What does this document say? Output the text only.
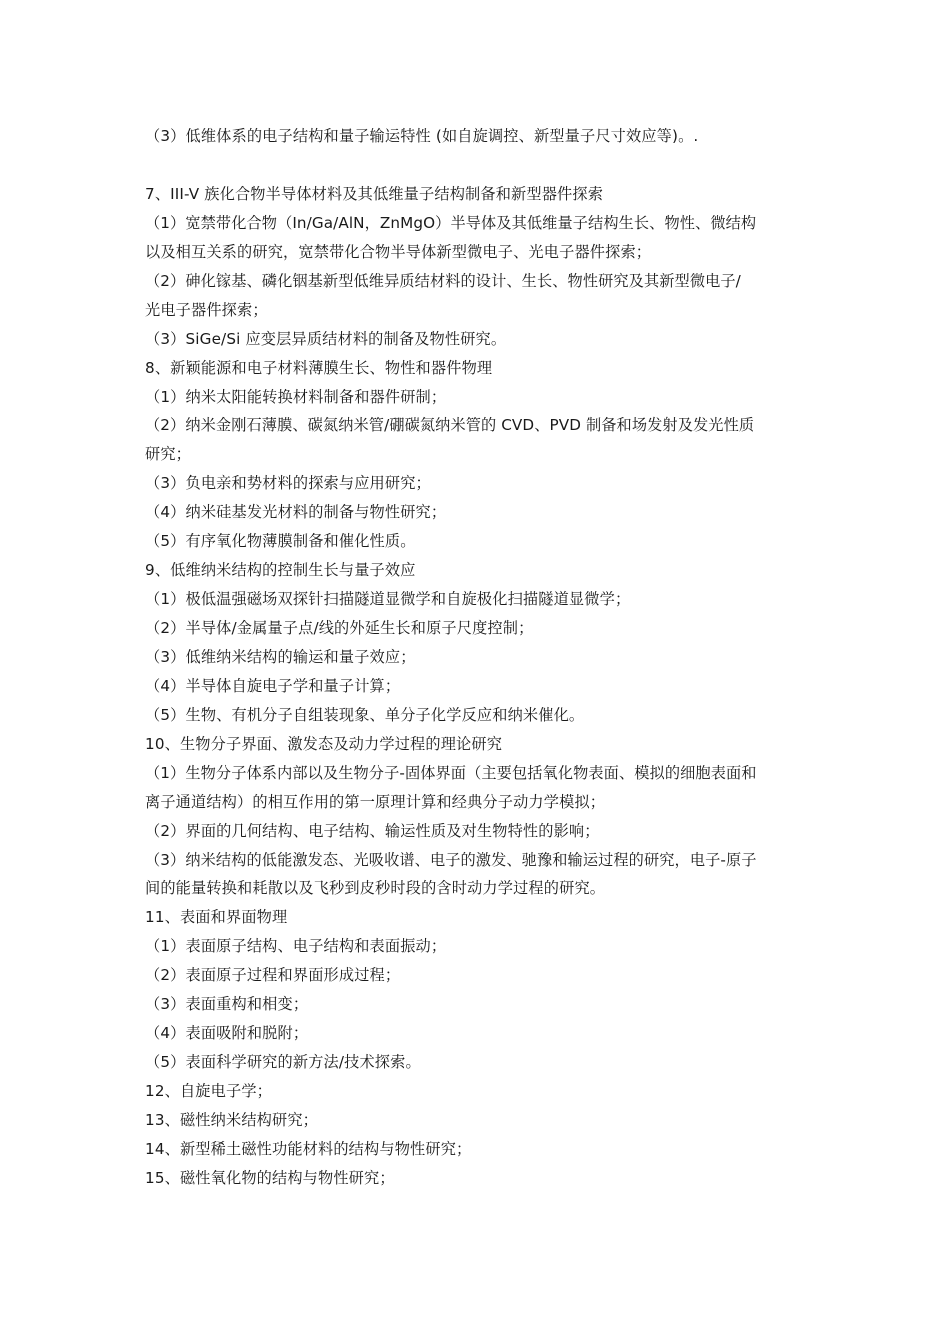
（3）低维体系的电子结构和量子输运特性 (如自旋调控、新型量子尺寸效应等)。.
7、III-V 族化合物半导体材料及其低维量子结构制备和新型器件探索
（1）宽禁带化合物（In/Ga/AlN，ZnMgO）半导体及其低维量子结构生长、物性、微结构
以及相互关系的研究，宽禁带化合物半导体新型微电子、光电子器件探索；
（2）砷化镓基、磷化铟基新型低维异质结材料的设计、生长、物性研究及其新型微电子/
光电子器件探索；
（3）SiGe/Si 应变层异质结材料的制备及物性研究。
8、新颖能源和电子材料薄膜生长、物性和器件物理
（1）纳米太阳能转换材料制备和器件研制；
（2）纳米金刚石薄膜、碳氮纳米管/硼碳氮纳米管的 CVD、PVD 制备和场发射及发光性质
研究；
（3）负电亲和势材料的探索与应用研究；
（4）纳米硅基发光材料的制备与物性研究；
（5）有序氧化物薄膜制备和催化性质。
9、低维纳米结构的控制生长与量子效应
（1）极低温强磁场双探针扫描隧道显微学和自旋极化扫描隧道显微学；
（2）半导体/金属量子点/线的外延生长和原子尺度控制；
（3）低维纳米结构的输运和量子效应；
（4）半导体自旋电子学和量子计算；
（5）生物、有机分子自组装现象、单分子化学反应和纳米催化。
10、生物分子界面、激发态及动力学过程的理论研究
（1）生物分子体系内部以及生物分子-固体界面（主要包括氧化物表面、模拟的细胞表面和
离子通道结构）的相互作用的第一原理计算和经典分子动力学模拟；
（2）界面的几何结构、电子结构、输运性质及对生物特性的影响；
（3）纳米结构的低能激发态、光吸收谱、电子的激发、驰豫和输运过程的研究，电子-原子
间的能量转换和耗散以及飞秒到皮秒时段的含时动力学过程的研究。
11、表面和界面物理
（1）表面原子结构、电子结构和表面振动；
（2）表面原子过程和界面形成过程；
（3）表面重构和相变；
（4）表面吸附和脱附；
（5）表面科学研究的新方法/技术探索。
12、自旋电子学；
13、磁性纳米结构研究；
14、新型稀土磁性功能材料的结构与物性研究；
15、磁性氧化物的结构与物性研究；
